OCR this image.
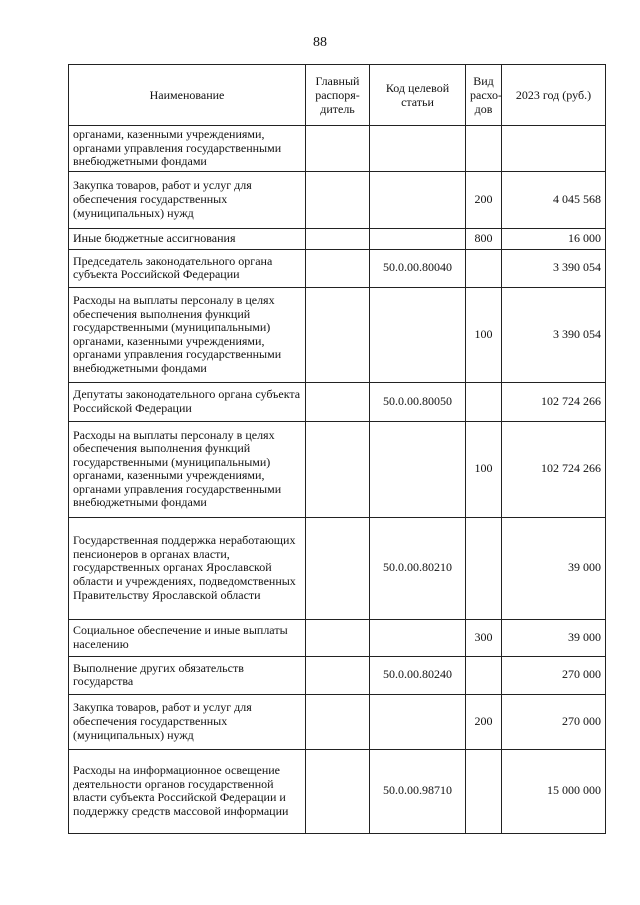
88
Наименование	Главный распоря-дитель	Код целевой статьи	Вид расхо-дов	2023 год (руб.)
органами, казенными учреждениями, органами управления государственными внебюджетными фондами				
Закупка товаров, работ и услуг для обеспечения государственных (муниципальных) нужд			200	4 045 568
Иные бюджетные ассигнования			800	16 000
Председатель законодательного органа субъекта Российской Федерации		50.0.00.80040		3 390 054
Расходы на выплаты персоналу в целях обеспечения выполнения функций государственными (муниципальными) органами, казенными учреждениями, органами управления государственными внебюджетными фондами			100	3 390 054
Депутаты законодательного органа субъекта Российской Федерации		50.0.00.80050		102 724 266
Расходы на выплаты персоналу в целях обеспечения выполнения функций государственными (муниципальными) органами, казенными учреждениями, органами управления государственными внебюджетными фондами			100	102 724 266
Государственная поддержка неработающих пенсионеров в органах власти, государственных органах Ярославской области и учреждениях, подведомственных Правительству Ярославской области		50.0.00.80210		39 000
Социальное обеспечение и иные выплаты населению			300	39 000
Выполнение других обязательств государства		50.0.00.80240		270 000
Закупка товаров, работ и услуг для обеспечения государственных (муниципальных) нужд			200	270 000
Расходы на информационное освещение деятельности органов государственной власти субъекта Российской Федерации и поддержку средств массовой информации		50.0.00.98710		15 000 000
